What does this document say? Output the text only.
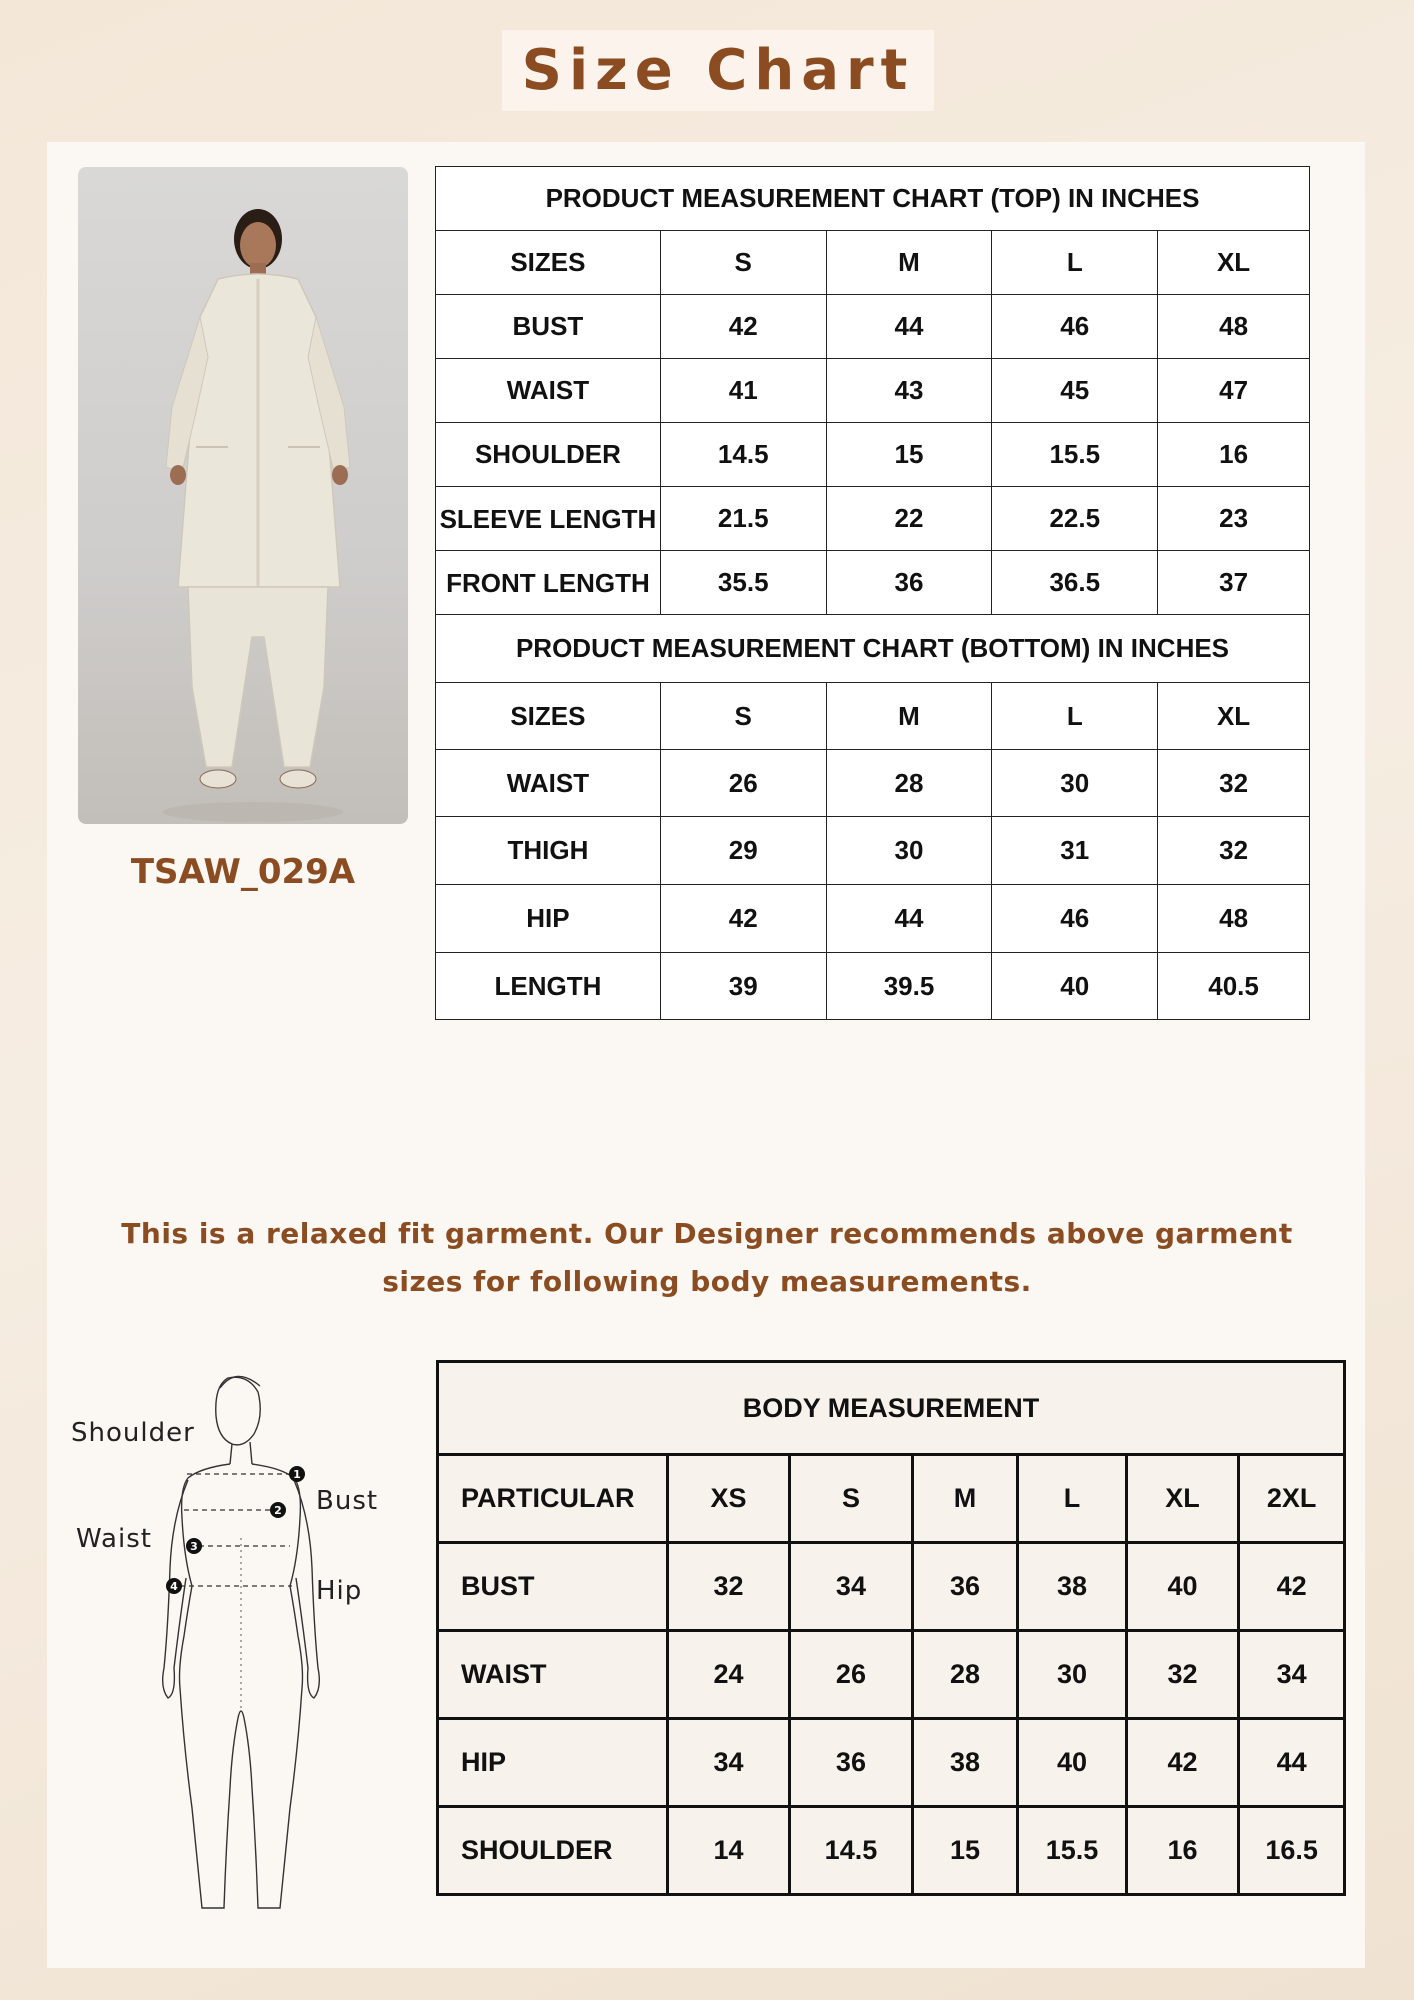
Size Chart
TSAW_029A
PRODUCT MEASUREMENT CHART (TOP) IN INCHES				
SIZES	S	M	L	XL
BUST	42	44	46	48
WAIST	41	43	45	47
SHOULDER	14.5	15	15.5	16

SLEEVE LENGTH	21.5	22	22.5	23

FRONT LENGTH	35.5	36	36.5	37
PRODUCT MEASUREMENT CHART (BOTTOM) IN INCHES				
SIZES	S	M	L	XL
WAIST	26	28	30	32
THIGH	29	30	31	32
HIP	42	44	46	48
LENGTH	39	39.5	40	40.5
This is a relaxed fit garment. Our Designer recommends above garment sizes for following body measurements.
1
2
3
4
Shoulder
Bust
Waist
Hip
BODY MEASUREMENT						
PARTICULAR	XS	S	M	L	XL	2XL
BUST	32	34	36	38	40	42
WAIST	24	26	28	30	32	34
HIP	34	36	38	40	42	44
SHOULDER	14	14.5	15	15.5	16	16.5
